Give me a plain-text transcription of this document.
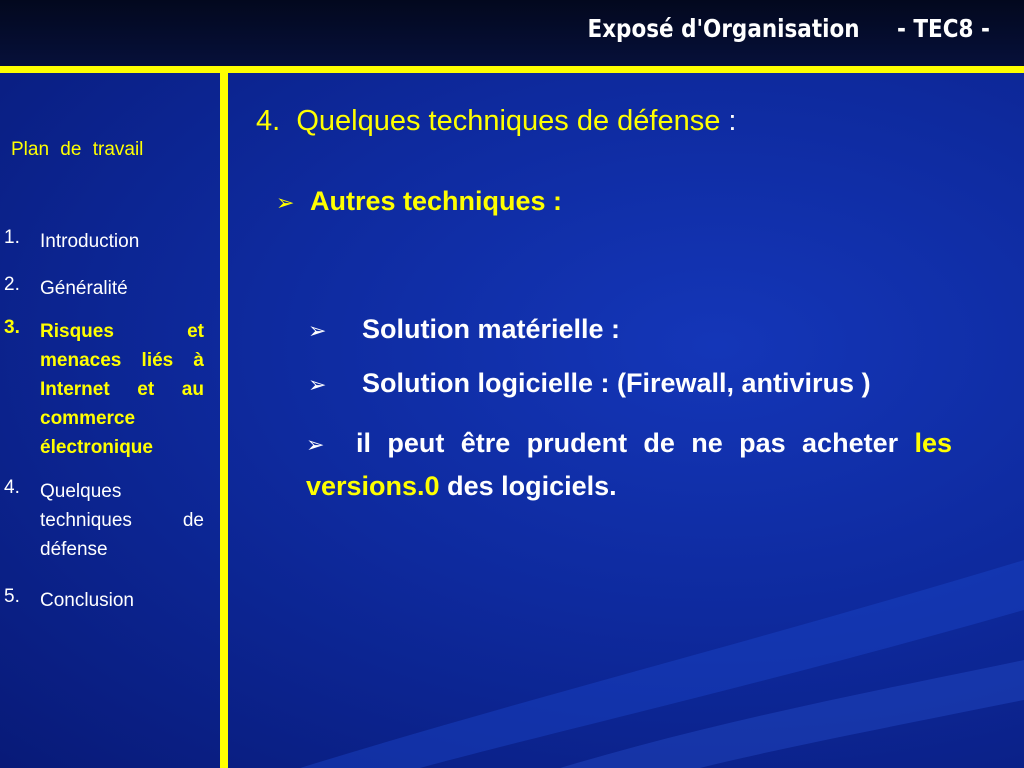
Exposé d'Organisation     - TEC8 -
Plan de travail
1. Introduction
2. Généralité
3. Risques et menaces liés à Internet et au commerce électronique
4. Quelques techniques de défense
5. Conclusion
4. Quelques techniques de défense :
➢ Autres techniques :
➢ Solution matérielle :
➢ Solution logicielle : (Firewall, antivirus )
➢ il peut être prudent de ne pas acheter les versions.0 des logiciels.
